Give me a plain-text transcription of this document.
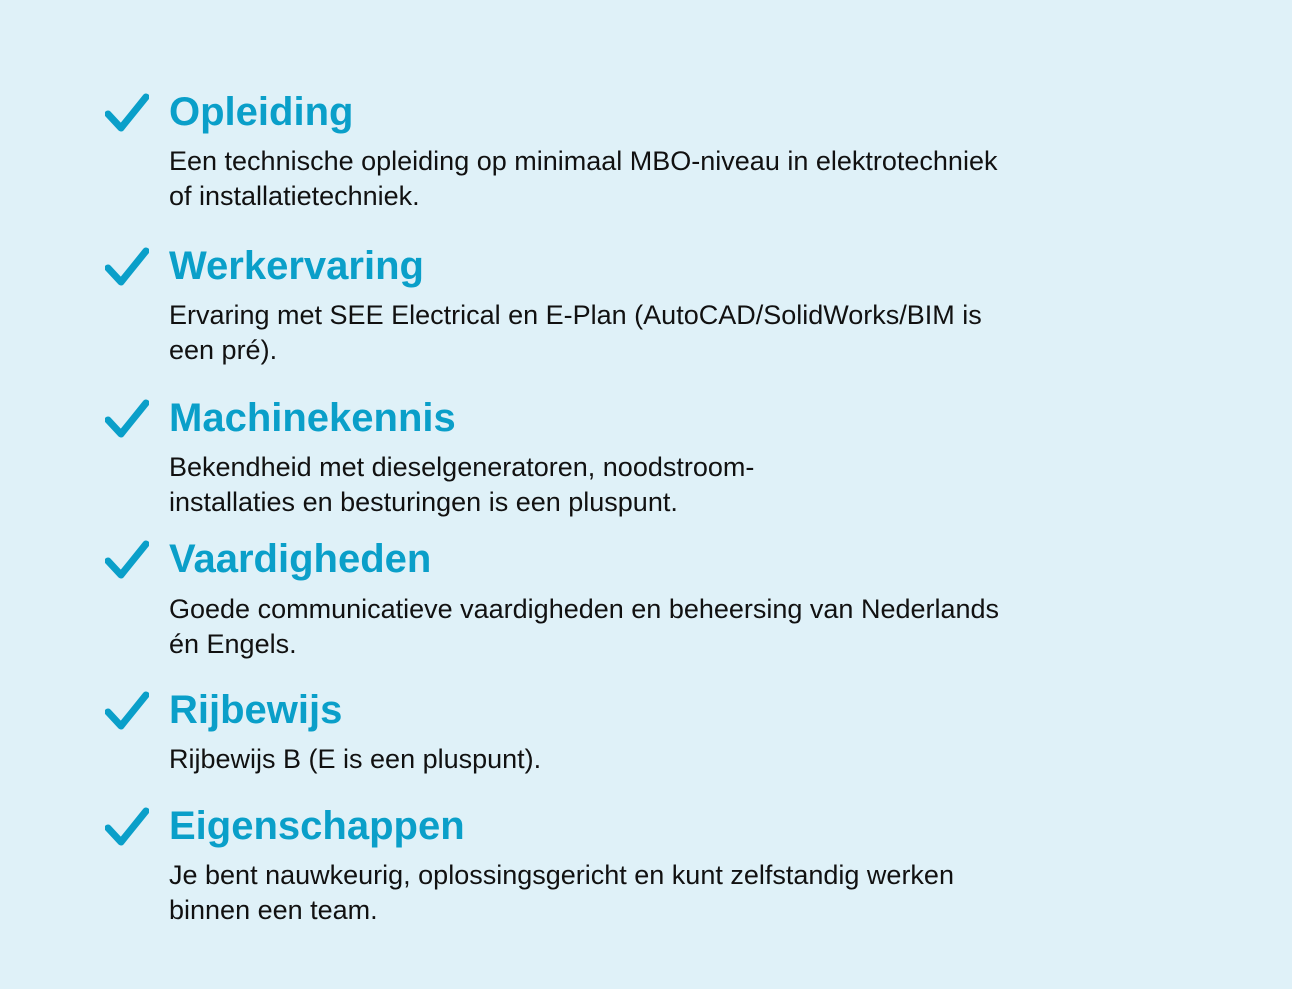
Opleiding

Een technische opleiding op minimaal MBO-niveau in elektrotechniek
of installatietechniek.

Werkervaring

Ervaring met SEE Electrical en E-Plan (AutoCAD/SolidWorks/BIM is
een pré).

Machinekennis

Bekendheid met dieselgeneratoren, noodstroom-
installaties en besturingen is een pluspunt.

Vaardigheden

Goede communicatieve vaardigheden en beheersing van Nederlands
én Engels.

Rijbewijs

Rijbewijs B (E is een pluspunt).

Eigenschappen

Je bent nauwkeurig, oplossingsgericht en kunt zelfstandig werken
binnen een team.
